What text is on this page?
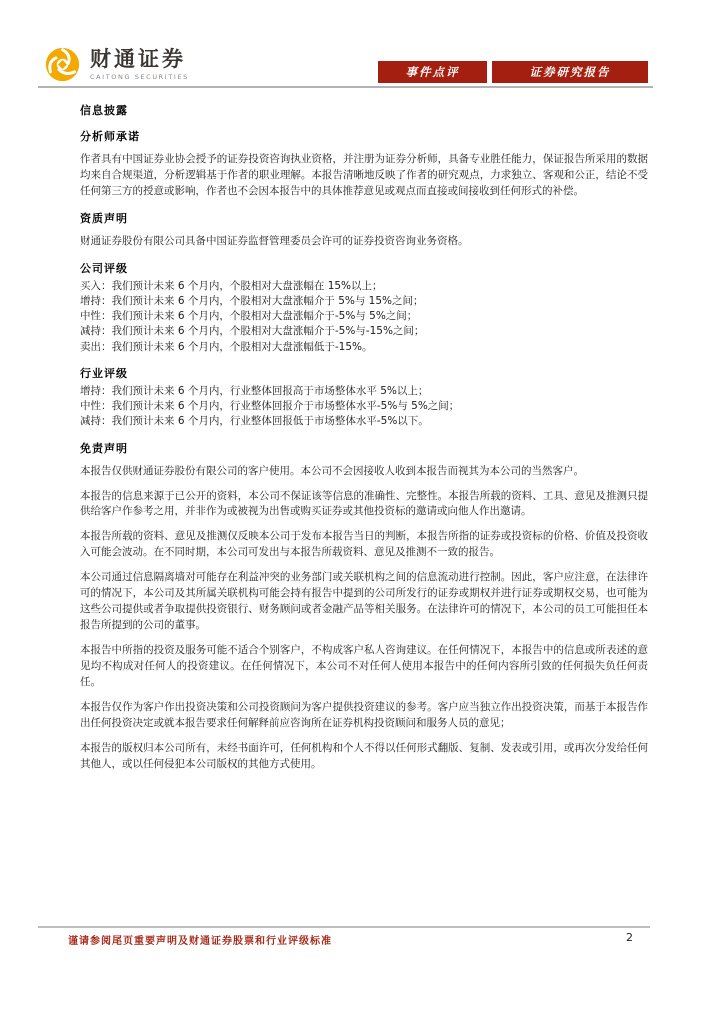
财通证券
CAITONG SECURITIES	事件点评	证券研究报告
信息披露
分析师承诺

作者具有中国证券业协会授予的证券投资咨询执业资格，并注册为证券分析师，具备专业胜任能力，保证报告所采用的数据均来自合规渠道，分析逻辑基于作者的职业理解。本报告清晰地反映了作者的研究观点，力求独立、客观和公正，结论不受任何第三方的授意或影响，作者也不会因本报告中的具体推荐意见或观点而直接或间接收到任何形式的补偿。

资质声明

财通证券股份有限公司具备中国证券监督管理委员会许可的证券投资咨询业务资格。

公司评级
买入：我们预计未来 6 个月内，个股相对大盘涨幅在 15%以上；
增持：我们预计未来 6 个月内，个股相对大盘涨幅介于 5%与 15%之间；
中性：我们预计未来 6 个月内，个股相对大盘涨幅介于-5%与 5%之间；
减持：我们预计未来 6 个月内，个股相对大盘涨幅介于-5%与-15%之间；
卖出：我们预计未来 6 个月内，个股相对大盘涨幅低于-15%。
行业评级
增持：我们预计未来 6 个月内，行业整体回报高于市场整体水平 5%以上；
中性：我们预计未来 6 个月内，行业整体回报介于市场整体水平-5%与 5%之间；
减持：我们预计未来 6 个月内，行业整体回报低于市场整体水平-5%以下。
免责声明

本报告仅供财通证券股份有限公司的客户使用。本公司不会因接收人收到本报告而视其为本公司的当然客户。

本报告的信息来源于已公开的资料，本公司不保证该等信息的准确性、完整性。本报告所载的资料、工具、意见及推测只提供给客户作参考之用，并非作为或被视为出售或购买证券或其他投资标的邀请或向他人作出邀请。

本报告所载的资料、意见及推测仅反映本公司于发布本报告当日的判断，本报告所指的证券或投资标的价格、价值及投资收入可能会波动。在不同时期，本公司可发出与本报告所载资料、意见及推测不一致的报告。

本公司通过信息隔离墙对可能存在利益冲突的业务部门或关联机构之间的信息流动进行控制。因此，客户应注意，在法律许可的情况下，本公司及其所属关联机构可能会持有报告中提到的公司所发行的证券或期权并进行证券或期权交易，也可能为这些公司提供或者争取提供投资银行、财务顾问或者金融产品等相关服务。在法律许可的情况下，本公司的员工可能担任本报告所提到的公司的董事。

本报告中所指的投资及服务可能不适合个别客户，不构成客户私人咨询建议。在任何情况下，本报告中的信息或所表述的意见均不构成对任何人的投资建议。在任何情况下，本公司不对任何人使用本报告中的任何内容所引致的任何损失负任何责任。

本报告仅作为客户作出投资决策和公司投资顾问为客户提供投资建议的参考。客户应当独立作出投资决策，而基于本报告作出任何投资决定或就本报告要求任何解释前应咨询所在证券机构投资顾问和服务人员的意见；

本报告的版权归本公司所有，未经书面许可，任何机构和个人不得以任何形式翻版、复制、发表或引用，或再次分发给任何其他人，或以任何侵犯本公司版权的其他方式使用。

谨请参阅尾页重要声明及财通证券股票和行业评级标准	2
